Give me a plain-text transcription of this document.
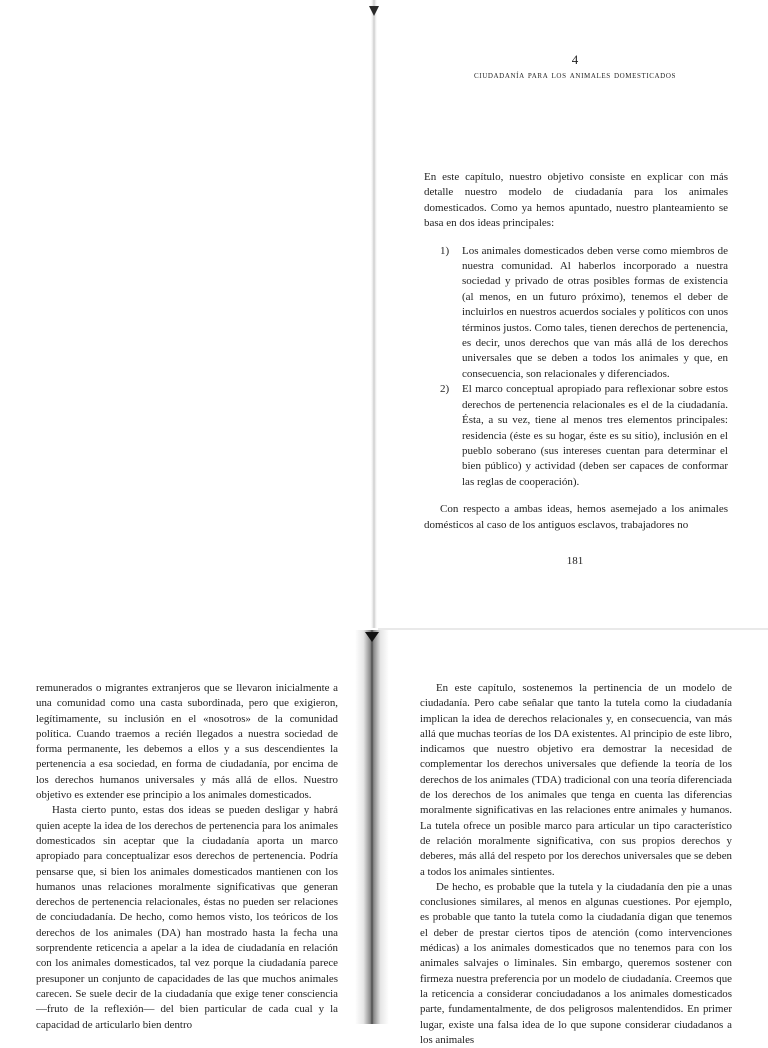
4
ciudadanía para los animales domesticados

En este capítulo, nuestro objetivo consiste en explicar con más detalle nuestro modelo de ciudadanía para los animales domesticados. Como ya hemos apuntado, nuestro planteamiento se basa en dos ideas principales:

1) Los animales domesticados deben verse como miembros de nuestra comunidad. Al haberlos incorporado a nuestra sociedad y privado de otras posibles formas de existencia (al menos, en un futuro próximo), tenemos el deber de incluirlos en nuestros acuerdos sociales y políticos con unos términos justos. Como tales, tienen derechos de pertenencia, es decir, unos derechos que van más allá de los derechos universales que se deben a todos los animales y que, en consecuencia, son relacionales y diferenciados.
2) El marco conceptual apropiado para reflexionar sobre estos derechos de pertenencia relacionales es el de la ciudadanía. Ésta, a su vez, tiene al menos tres elementos principales: residencia (éste es su hogar, éste es su sitio), inclusión en el pueblo soberano (sus intereses cuentan para determinar el bien público) y actividad (deben ser capaces de conformar las reglas de cooperación).

Con respecto a ambas ideas, hemos asemejado a los animales domésticos al caso de los antiguos esclavos, trabajadores no

181

remunerados o migrantes extranjeros que se llevaron inicialmente a una comunidad como una casta subordinada, pero que exigieron, legítimamente, su inclusión en el «nosotros» de la comunidad política. Cuando traemos a recién llegados a nuestra sociedad de forma permanente, les debemos a ellos y a sus descendientes la pertenencia a esa sociedad, en forma de ciudadanía, por encima de los derechos humanos universales y más allá de ellos. Nuestro objetivo es extender ese principio a los animales domesticados.

Hasta cierto punto, estas dos ideas se pueden desligar y habrá quien acepte la idea de los derechos de pertenencia para los animales domesticados sin aceptar que la ciudadanía aporta un marco apropiado para conceptualizar esos derechos de pertenencia. Podría pensarse que, si bien los animales domesticados mantienen con los humanos unas relaciones moralmente significativas que generan derechos de pertenencia relacionales, éstas no pueden ser relaciones de conciudadanía. De hecho, como hemos visto, los teóricos de los derechos de los animales (DA) han mostrado hasta la fecha una sorprendente reticencia a apelar a la idea de ciudadanía en relación con los animales domesticados, tal vez porque la ciudadanía parece presuponer un conjunto de capacidades de las que muchos animales carecen. Se suele decir de la ciudadanía que exige tener consciencia —fruto de la reflexión— del bien particular de cada cual y la capacidad de articularlo bien dentro

En este capítulo, sostenemos la pertinencia de un modelo de ciudadanía. Pero cabe señalar que tanto la tutela como la ciudadanía implican la idea de derechos relacionales y, en consecuencia, van más allá que muchas teorías de los DA existentes. Al principio de este libro, indicamos que nuestro objetivo era demostrar la necesidad de complementar los derechos universales que defiende la teoría de los derechos de los animales (TDA) tradicional con una teoría diferenciada de los derechos de los animales que tenga en cuenta las diferencias moralmente significativas en las relaciones entre animales y humanos. La tutela ofrece un posible marco para articular un tipo característico de relación moralmente significativa, con sus propios derechos y deberes, más allá del respeto por los derechos universales que se deben a todos los animales sintientes.

De hecho, es probable que la tutela y la ciudadanía den pie a unas conclusiones similares, al menos en algunas cuestiones. Por ejemplo, es probable que tanto la tutela como la ciudadanía digan que tenemos el deber de prestar ciertos tipos de atención (como intervenciones médicas) a los animales domesticados que no tenemos para con los animales salvajes o liminales. Sin embargo, queremos sostener con firmeza nuestra preferencia por un modelo de ciudadanía. Creemos que la reticencia a considerar conciudadanos a los animales domesticados parte, fundamentalmente, de dos peligrosos malentendidos. En primer lugar, existe una falsa idea de lo que supone considerar ciudadanos a los animales
